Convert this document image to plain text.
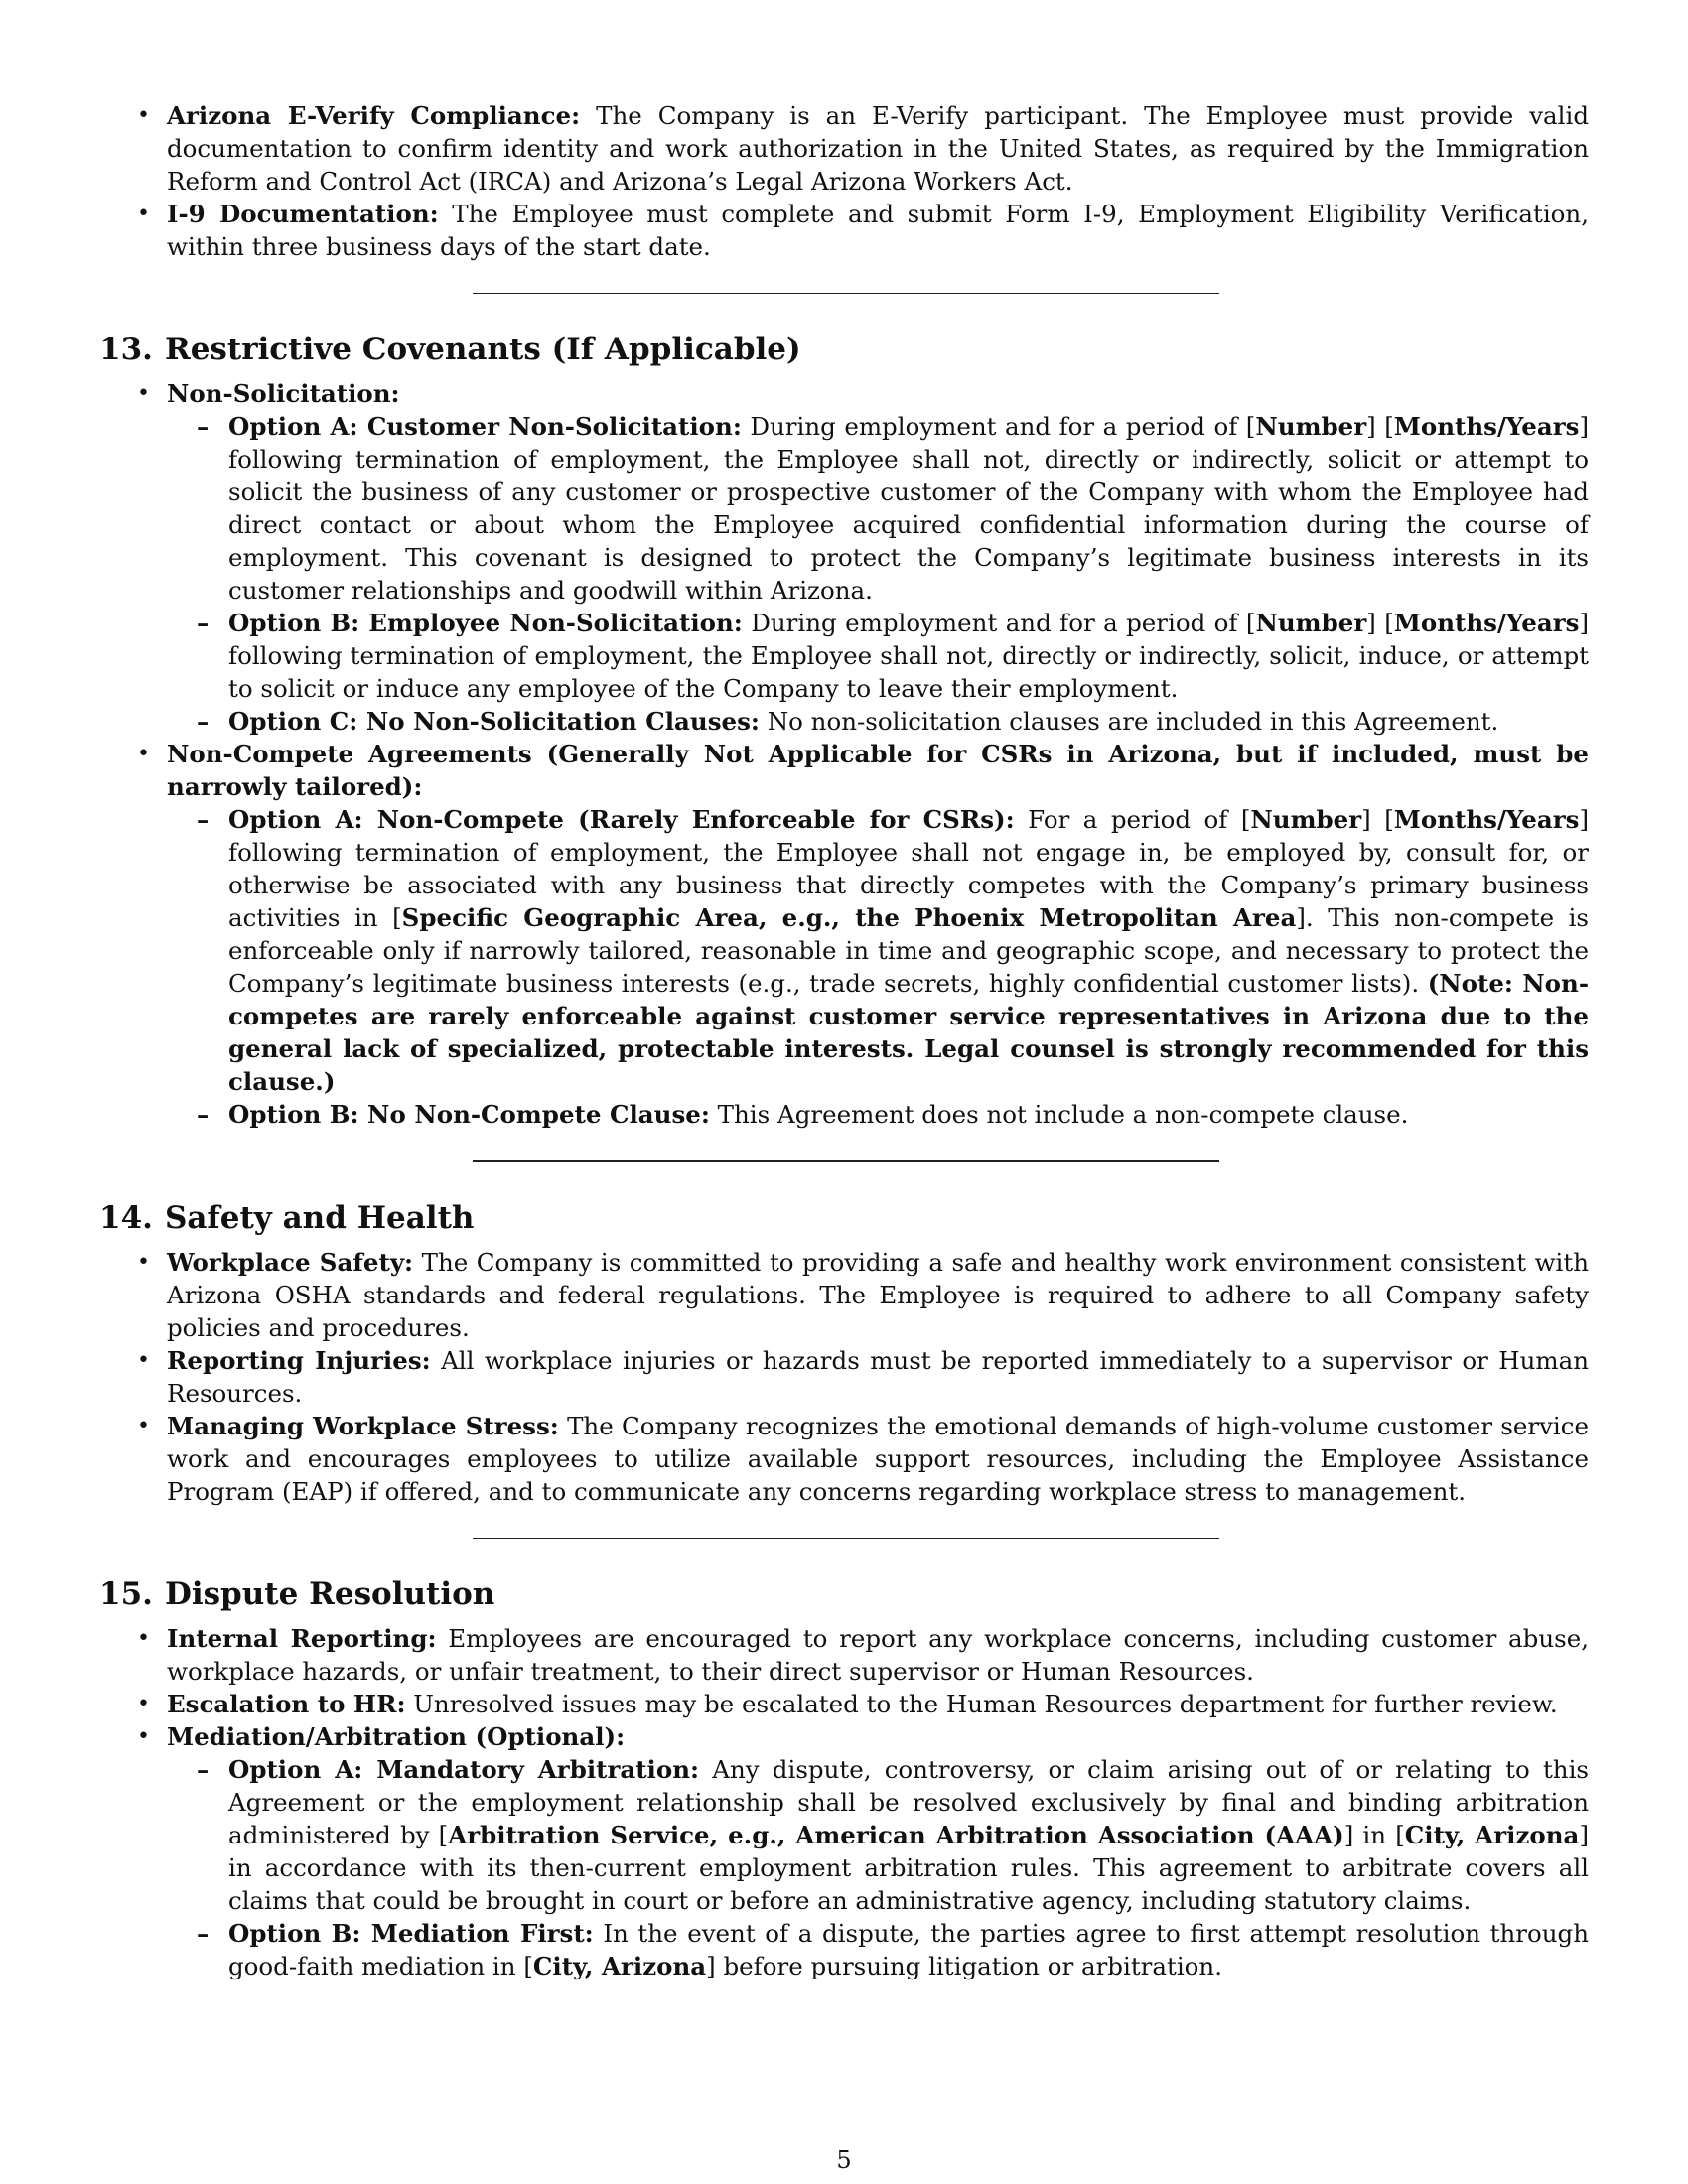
• Arizona E-Verify Compliance: The Company is an E-Verify participant. The Employee must provide valid documentation to confirm identity and work authorization in the United States, as required by the Immigration Reform and Control Act (IRCA) and Arizona’s Legal Arizona Workers Act.
• I-9 Documentation: The Employee must complete and submit Form I-9, Employment Eligibility Verification, within three business days of the start date.
13. Restrictive Covenants (If Applicable)
• Non-Solicitation:
– Option A: Customer Non-Solicitation: During employment and for a period of [Number] [Months/Years] following termination of employment, the Employee shall not, directly or indirectly, solicit or attempt to solicit the business of any customer or prospective customer of the Company with whom the Employee had direct contact or about whom the Employee acquired confidential information during the course of employment. This covenant is designed to protect the Company’s legitimate business interests in its customer relationships and goodwill within Arizona.
– Option B: Employee Non-Solicitation: During employment and for a period of [Number] [Months/Years] following termination of employment, the Employee shall not, directly or indirectly, solicit, induce, or attempt to solicit or induce any employee of the Company to leave their employment.
– Option C: No Non-Solicitation Clauses: No non-solicitation clauses are included in this Agreement.
• Non-Compete Agreements (Generally Not Applicable for CSRs in Arizona, but if included, must be narrowly tailored):
– Option A: Non-Compete (Rarely Enforceable for CSRs): For a period of [Number] [Months/Years] following termination of employment, the Employee shall not engage in, be employed by, consult for, or otherwise be associated with any business that directly competes with the Company’s primary business activities in [Specific Geographic Area, e.g., the Phoenix Metropolitan Area]. This non-compete is enforceable only if narrowly tailored, reasonable in time and geographic scope, and necessary to protect the Company’s legitimate business interests (e.g., trade secrets, highly confidential customer lists). (Note: Non-competes are rarely enforceable against customer service representatives in Arizona due to the general lack of specialized, protectable interests. Legal counsel is strongly recommended for this clause.)
– Option B: No Non-Compete Clause: This Agreement does not include a non-compete clause.
14. Safety and Health
• Workplace Safety: The Company is committed to providing a safe and healthy work environment consistent with Arizona OSHA standards and federal regulations. The Employee is required to adhere to all Company safety policies and procedures.
• Reporting Injuries: All workplace injuries or hazards must be reported immediately to a supervisor or Human Resources.
• Managing Workplace Stress: The Company recognizes the emotional demands of high-volume customer service work and encourages employees to utilize available support resources, including the Employee Assistance Program (EAP) if offered, and to communicate any concerns regarding workplace stress to management.
15. Dispute Resolution
• Internal Reporting: Employees are encouraged to report any workplace concerns, including customer abuse, workplace hazards, or unfair treatment, to their direct supervisor or Human Resources.
• Escalation to HR: Unresolved issues may be escalated to the Human Resources department for further review.
• Mediation/Arbitration (Optional):
– Option A: Mandatory Arbitration: Any dispute, controversy, or claim arising out of or relating to this Agreement or the employment relationship shall be resolved exclusively by final and binding arbitration administered by [Arbitration Service, e.g., American Arbitration Association (AAA)] in [City, Arizona] in accordance with its then-current employment arbitration rules. This agreement to arbitrate covers all claims that could be brought in court or before an administrative agency, including statutory claims.
– Option B: Mediation First: In the event of a dispute, the parties agree to first attempt resolution through good-faith mediation in [City, Arizona] before pursuing litigation or arbitration.
5
